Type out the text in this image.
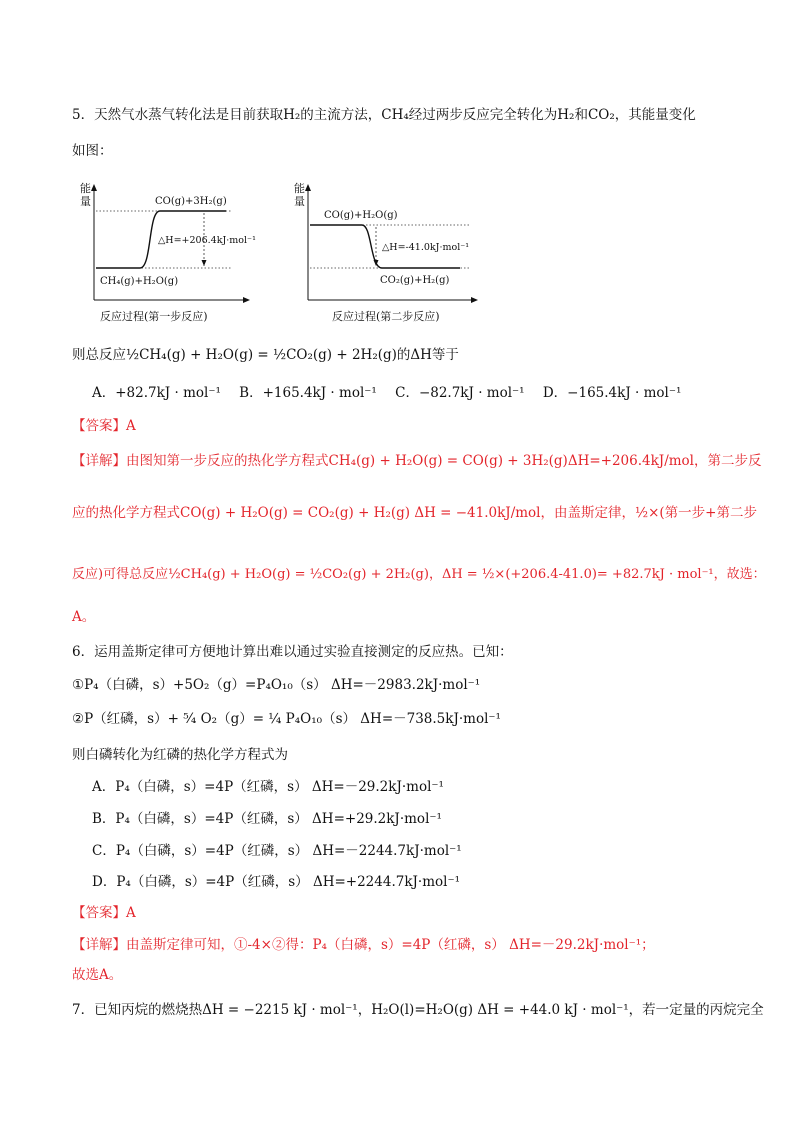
5．天然气水蒸气转化法是目前获取H₂的主流方法，CH₄经过两步反应完全转化为H₂和CO₂，其能量变化
如图：
能
量	CO(g)+3H₂(g)
△H=+206.4kJ·mol⁻¹
CH₄(g)+H₂O(g)
反应过程(第一步反应)
能
量
CO(g)+H₂O(g)
△H=-41.0kJ·mol⁻¹
CO₂(g)+H₂(g)
反应过程(第二步反应)
则总反应½CH₄(g) + H₂O(g) = ½CO₂(g) + 2H₂(g)的ΔH等于
A．+82.7kJ · mol⁻¹ B．+165.4kJ · mol⁻¹ C．−82.7kJ · mol⁻¹ D．−165.4kJ · mol⁻¹
【答案】A
【详解】由图知第一步反应的热化学方程式CH₄(g) + H₂O(g) = CO(g) + 3H₂(g)ΔH=+206.4kJ/mol，第二步反
应的热化学方程式CO(g) + H₂O(g) = CO₂(g) + H₂(g) ΔH = −41.0kJ/mol，由盖斯定律，½×(第一步+第二步
反应)可得总反应½CH₄(g) + H₂O(g) = ½CO₂(g) + 2H₂(g)，ΔH = ½×(+206.4-41.0)= +82.7kJ · mol⁻¹，故选：
A。
6．运用盖斯定律可方便地计算出难以通过实验直接测定的反应热。已知：
①P₄（白磷，s）+5O₂（g）=P₄O₁₀（s） ΔH=－2983.2kJ·mol⁻¹
②P（红磷，s）+ ⁵⁄₄ O₂（g）= ¼ P₄O₁₀（s） ΔH=－738.5kJ·mol⁻¹
则白磷转化为红磷的热化学方程式为
A．P₄（白磷，s）=4P（红磷，s） ΔH=－29.2kJ·mol⁻¹
B．P₄（白磷，s）=4P（红磷，s） ΔH=+29.2kJ·mol⁻¹
C．P₄（白磷，s）=4P（红磷，s） ΔH=－2244.7kJ·mol⁻¹
D．P₄（白磷，s）=4P（红磷，s） ΔH=+2244.7kJ·mol⁻¹
【答案】A
【详解】由盖斯定律可知，①-4×②得：P₄（白磷，s）=4P（红磷，s） ΔH=－29.2kJ·mol⁻¹；
故选A。
7．已知丙烷的燃烧热ΔH = −2215 kJ · mol⁻¹，H₂O(l)=H₂O(g) ΔH = +44.0 kJ · mol⁻¹，若一定量的丙烷完全
